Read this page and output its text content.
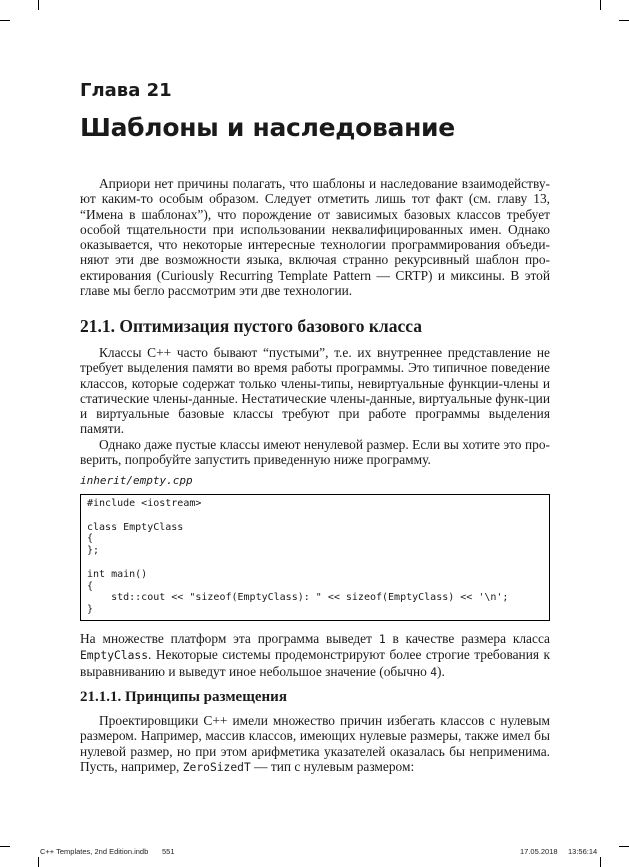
Глава 21
Шаблоны и наследование
Априори нет причины полагать, что шаблоны и наследование взаимодейству-ют каким-то особым образом. Следует отметить лишь тот факт (см. главу 13, “Имена в шаблонах”), что порождение от зависимых базовых классов требует особой тщательности при использовании неквалифицированных имен. Однако оказывается, что некоторые интересные технологии программирования объеди-няют эти две возможности языка, включая странно рекурсивный шаблон про-ектирования (Curiously Recurring Template Pattern — CRTP) и миксины. В этой главе мы бегло рассмотрим эти две технологии.
21.1. Оптимизация пустого базового класса
Классы C++ часто бывают “пустыми”, т.е. их внутреннее представление не требует выделения памяти во время работы программы. Это типичное поведение классов, которые содержат только члены-типы, невиртуальные функции-члены и статические члены-данные. Нестатические члены-данные, виртуальные функ-ции и виртуальные базовые классы требуют при работе программы выделения памяти.
Однако даже пустые классы имеют ненулевой размер. Если вы хотите это про-верить, попробуйте запустить приведенную ниже программу.
inherit/empty.cpp
#include <iostream>
class EmptyClass
{
};
int main()
{
std::cout << "sizeof(EmptyClass): " << sizeof(EmptyClass) << '\n';
}
На множестве платформ эта программа выведет 1 в качестве размера класса EmptyClass. Некоторые системы продемонстрируют более строгие требования к выравниванию и выведут иное небольшое значение (обычно 4).
21.1.1. Принципы размещения
Проектировщики C++ имели множество причин избегать классов с нулевым размером. Например, массив классов, имеющих нулевые размеры, также имел бы нулевой размер, но при этом арифметика указателей оказалась бы неприменима. Пусть, например, ZeroSizedT — тип с нулевым размером:
C++ Templates, 2nd Edition.indb 551	17.05.2018 13:56:14
